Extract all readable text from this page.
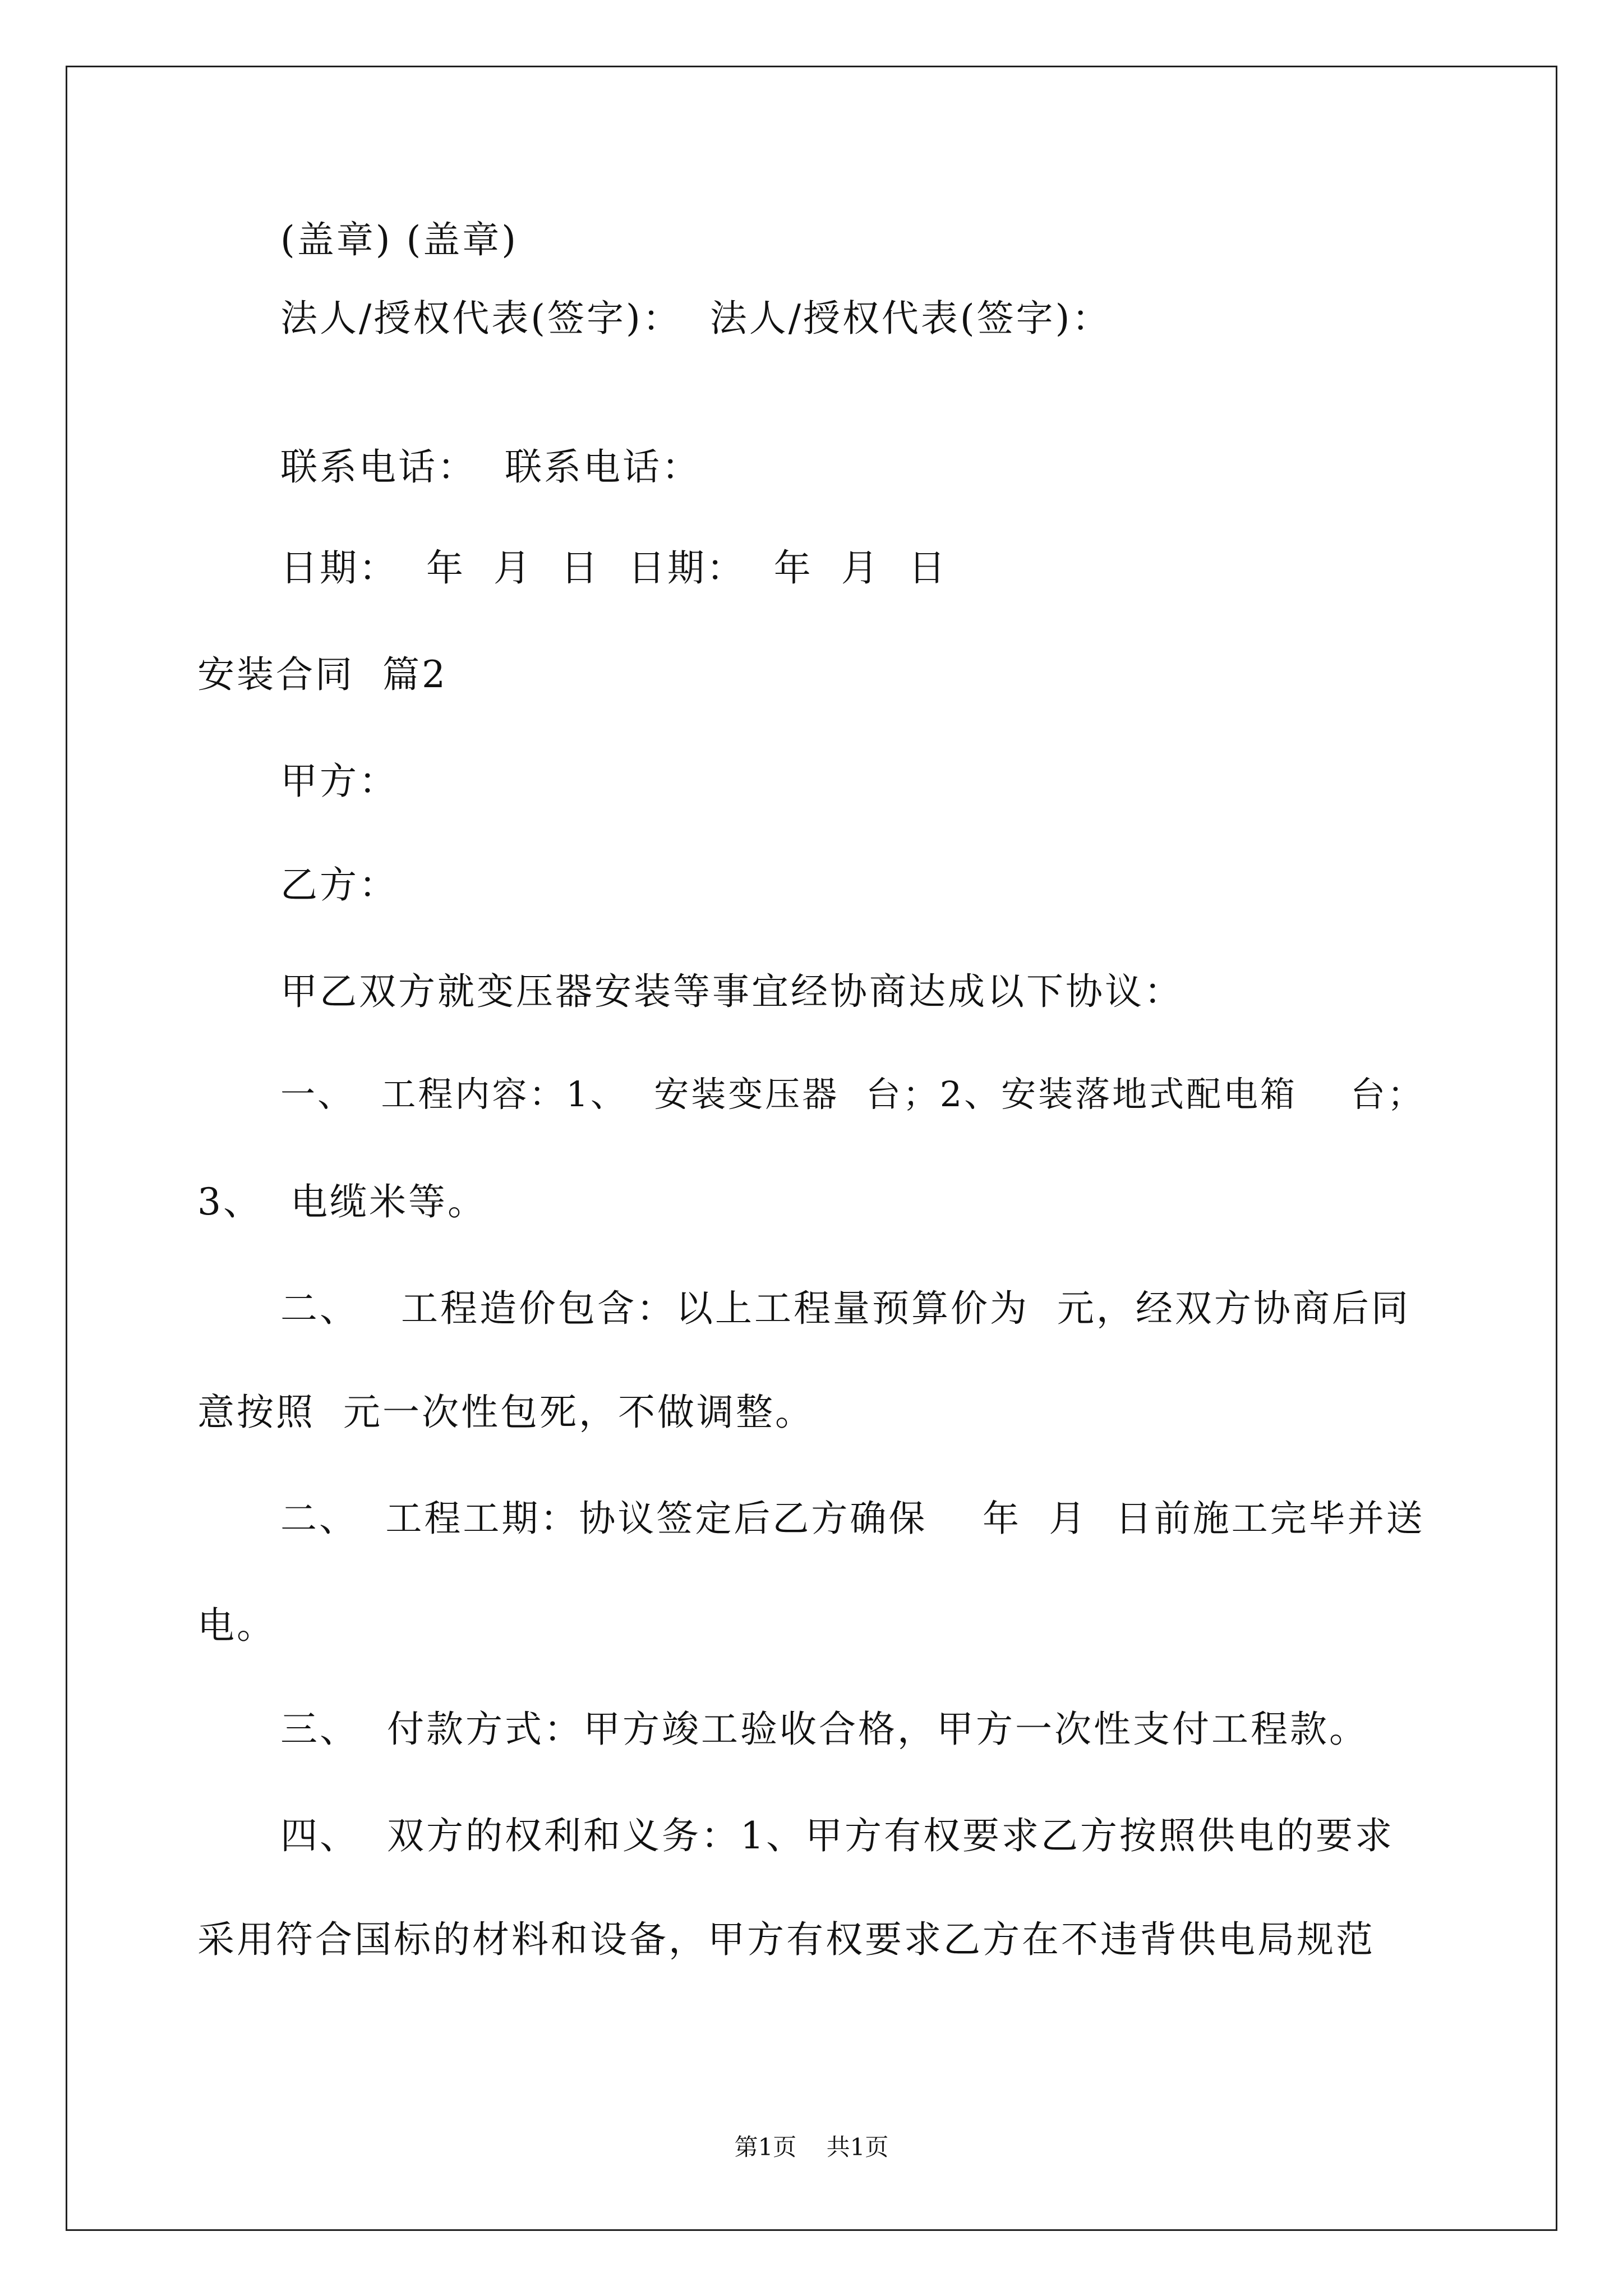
(盖章) (盖章)
法人/授权代表(签字)：  法人/授权代表(签字)：
联系电话：  联系电话：
日期：  年  月  日  日期：  年  月  日
安装合同  篇2
甲方：
乙方：
甲乙双方就变压器安装等事宜经协商达成以下协议：
一、  工程内容：1、  安装变压器  台；2、安装落地式配电箱    台；
3、  电缆米等。
二、   工程造价包含：以上工程量预算价为  元，经双方协商后同
意按照  元一次性包死，不做调整。
二、  工程工期：协议签定后乙方确保    年  月  日前施工完毕并送
电。
三、  付款方式：甲方竣工验收合格，甲方一次性支付工程款。
四、  双方的权利和义务：1、甲方有权要求乙方按照供电的要求
采用符合国标的材料和设备，甲方有权要求乙方在不违背供电局规范
第1页    共1页
